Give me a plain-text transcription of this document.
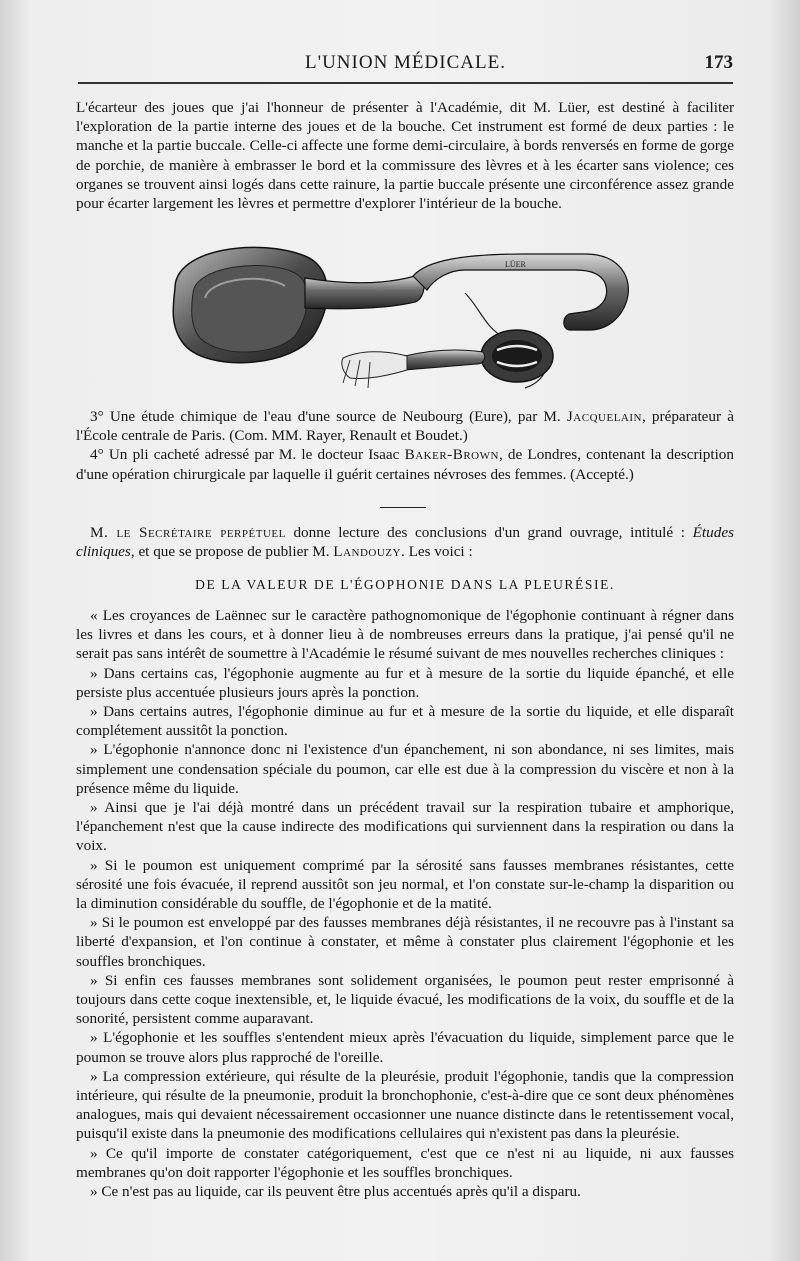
L'UNION MÉDICALE.	173

L'écarteur des joues que j'ai l'honneur de présenter à l'Académie, dit M. Lüer, est destiné à faciliter l'exploration de la partie interne des joues et de la bouche. Cet instrument est formé de deux parties : le manche et la partie buccale. Celle-ci affecte une forme demi-circulaire, à bords renversés en forme de gorge de porchie, de manière à embrasser le bord et la commissure des lèvres et à les écarter sans violence; ces organes se trouvent ainsi logés dans cette rainure, la partie buccale présente une circonférence assez grande pour écarter largement les lèvres et permettre d'explorer l'intérieur de la bouche.

LÜER

3° Une étude chimique de l'eau d'une source de Neubourg (Eure), par M. Jacquelain, préparateur à l'École centrale de Paris. (Com. MM. Rayer, Renault et Boudet.)

4° Un pli cacheté adressé par M. le docteur Isaac Baker-Brown, de Londres, contenant la description d'une opération chirurgicale par laquelle il guérit certaines névroses des femmes. (Accepté.)

M. le Secrétaire perpétuel donne lecture des conclusions d'un grand ouvrage, intitulé : Études cliniques, et que se propose de publier M. Landouzy. Les voici :

DE LA VALEUR DE L'ÉGOPHONIE DANS LA PLEURÉSIE.

« Les croyances de Laënnec sur le caractère pathognomonique de l'égophonie continuant à régner dans les livres et dans les cours, et à donner lieu à de nombreuses erreurs dans la pratique, j'ai pensé qu'il ne serait pas sans intérêt de soumettre à l'Académie le résumé suivant de mes nouvelles recherches cliniques :

» Dans certains cas, l'égophonie augmente au fur et à mesure de la sortie du liquide épanché, et elle persiste plus accentuée plusieurs jours après la ponction.

» Dans certains autres, l'égophonie diminue au fur et à mesure de la sortie du liquide, et elle disparaît complétement aussitôt la ponction.

» L'égophonie n'annonce donc ni l'existence d'un épanchement, ni son abondance, ni ses limites, mais simplement une condensation spéciale du poumon, car elle est due à la compression du viscère et non à la présence même du liquide.

» Ainsi que je l'ai déjà montré dans un précédent travail sur la respiration tubaire et amphorique, l'épanchement n'est que la cause indirecte des modifications qui surviennent dans la respiration ou dans la voix.

» Si le poumon est uniquement comprimé par la sérosité sans fausses membranes résistantes, cette sérosité une fois évacuée, il reprend aussitôt son jeu normal, et l'on constate sur-le-champ la disparition ou la diminution considérable du souffle, de l'égophonie et de la matité.

» Si le poumon est enveloppé par des fausses membranes déjà résistantes, il ne recouvre pas à l'instant sa liberté d'expansion, et l'on continue à constater, et même à constater plus clairement l'égophonie et les souffles bronchiques.

» Si enfin ces fausses membranes sont solidement organisées, le poumon peut rester emprisonné à toujours dans cette coque inextensible, et, le liquide évacué, les modifications de la voix, du souffle et de la sonorité, persistent comme auparavant.

» L'égophonie et les souffles s'entendent mieux après l'évacuation du liquide, simplement parce que le poumon se trouve alors plus rapproché de l'oreille.

» La compression extérieure, qui résulte de la pleurésie, produit l'égophonie, tandis que la compression intérieure, qui résulte de la pneumonie, produit la bronchophonie, c'est-à-dire que ce sont deux phénomènes analogues, mais qui devaient nécessairement occasionner une nuance distincte dans le retentissement vocal, puisqu'il existe dans la pneumonie des modifications cellulaires qui n'existent pas dans la pleurésie.

» Ce qu'il importe de constater catégoriquement, c'est que ce n'est ni au liquide, ni aux fausses membranes qu'on doit rapporter l'égophonie et les souffles bronchiques.

» Ce n'est pas au liquide, car ils peuvent être plus accentués après qu'il a disparu.
